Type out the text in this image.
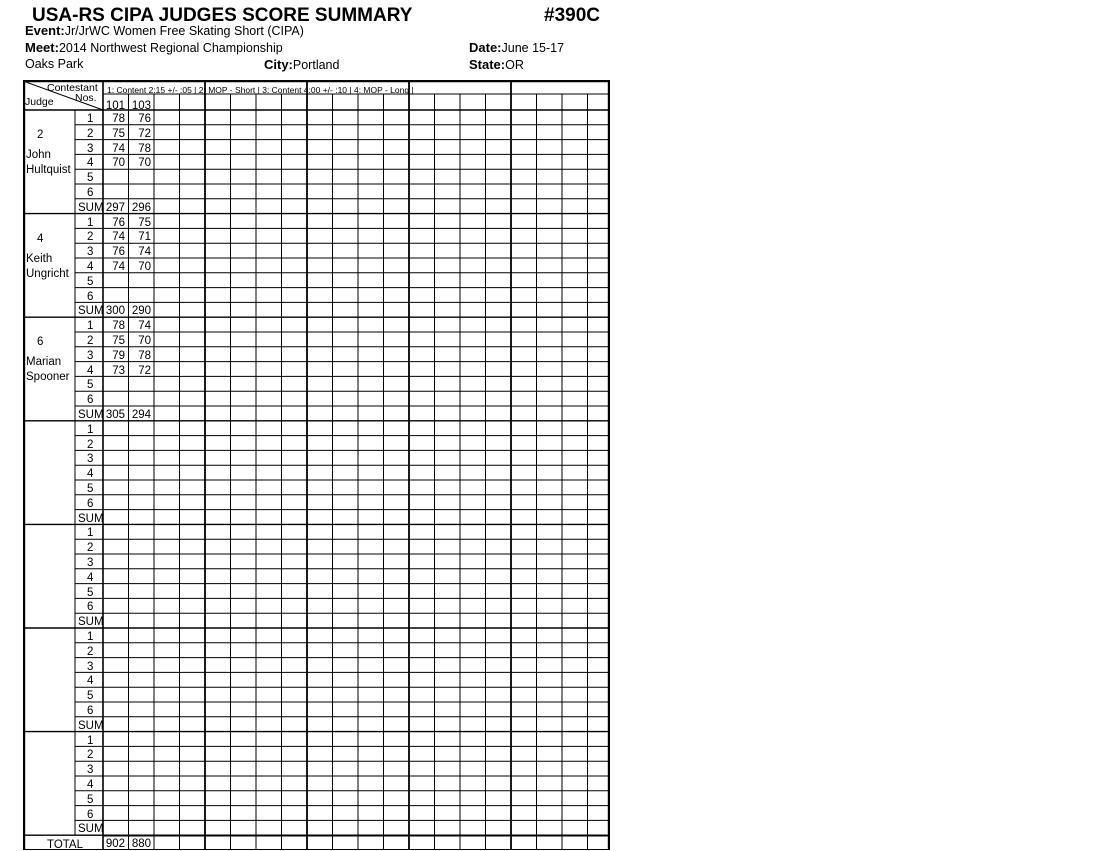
USA-RS CIPA JUDGES SCORE SUMMARY	#390C
Event:Jr/JrWC Women Free Skating Short (CIPA)
Meet:2014 Northwest Regional Championship	Date:June 15-17
Oaks Park	City:Portland	State:OR
Contestant
Nos.
Judge
1: Content 2:15 +/- :05 | 2: MOP - Short | 3: Content 4:00 +/- :10 | 4: MOP - Long |
101 103
2
John
Hultquist
1	78	76
2	75	72
3	74	78
4	70	70
5
6
SUM 297 296
4
Keith
Ungricht
1	76	75
2	74	71
3	76	74
4	74	70
5
6
SUM 300 290
6
Marian
Spooner
1	78	74
2	75	70
3	79	78
4	73	72
5
6
SUM 305 294
1
2
3
4
5
6
SUM
1
2
3
4
5
6
SUM
1
2
3
4
5
6
SUM
1
2
3
4
5
6
SUM
TOTAL 902 880
